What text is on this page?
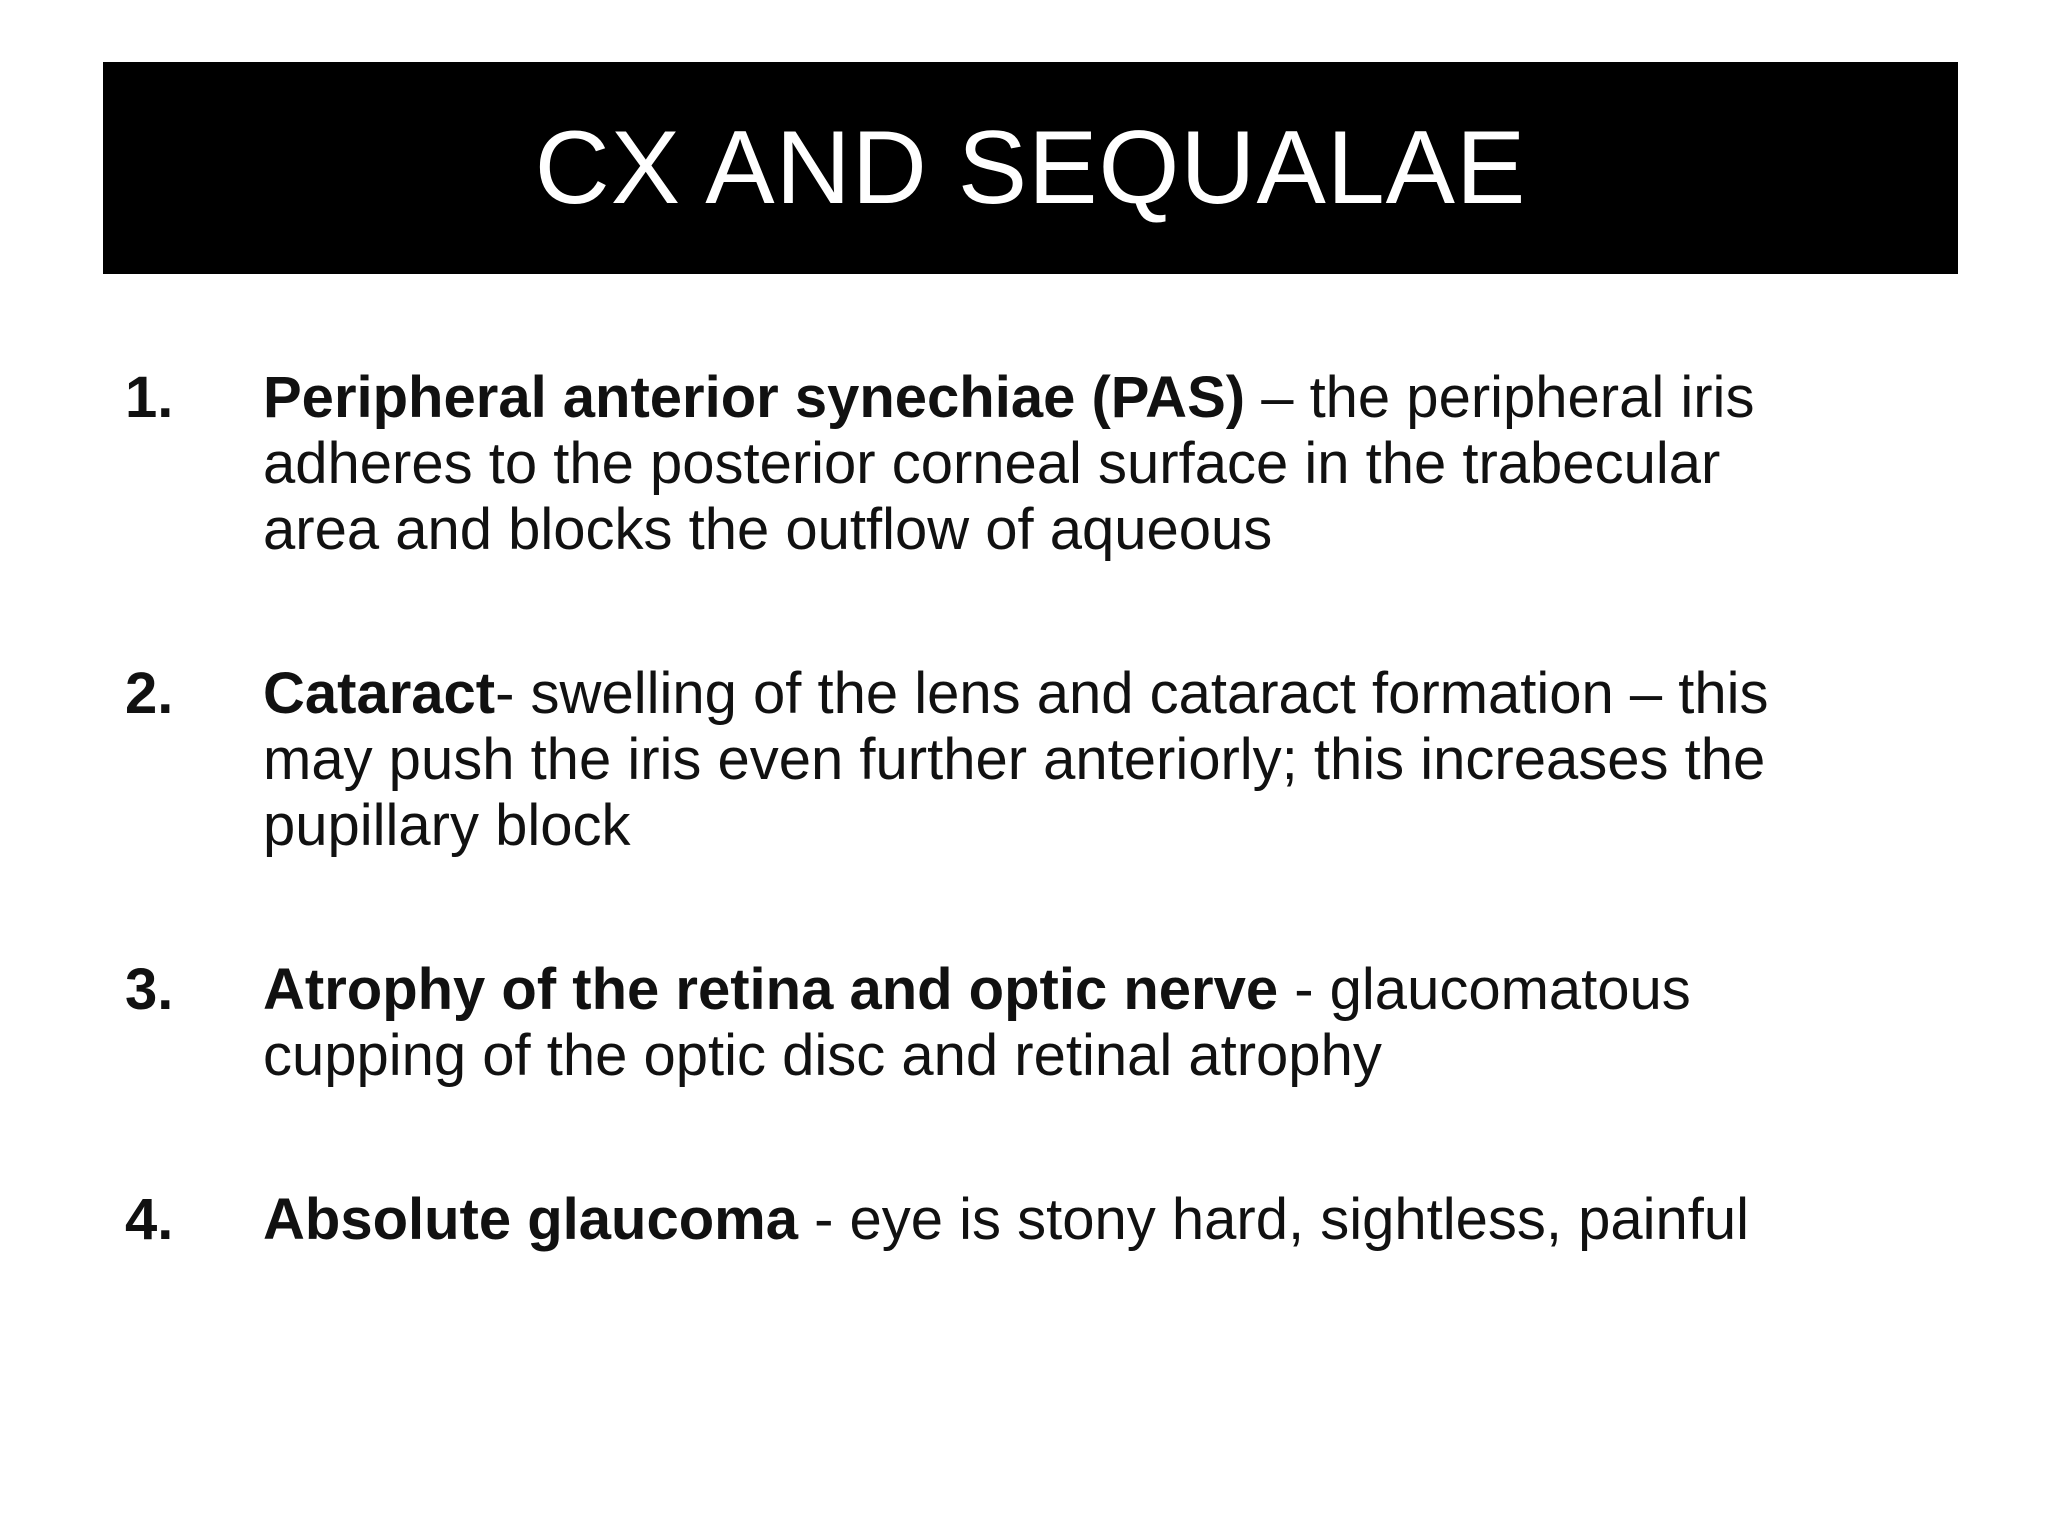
CX AND SEQUALAE
1. Peripheral anterior synechiae (PAS) – the peripheral iris
adheres to the posterior corneal surface in the trabecular
area and blocks the outflow of aqueous
2. Cataract- swelling of the lens and cataract formation – this
may push the iris even further anteriorly; this increases the
pupillary block
3. Atrophy of the retina and optic nerve - glaucomatous
cupping of the optic disc and retinal atrophy
4. Absolute glaucoma - eye is stony hard, sightless, painful
